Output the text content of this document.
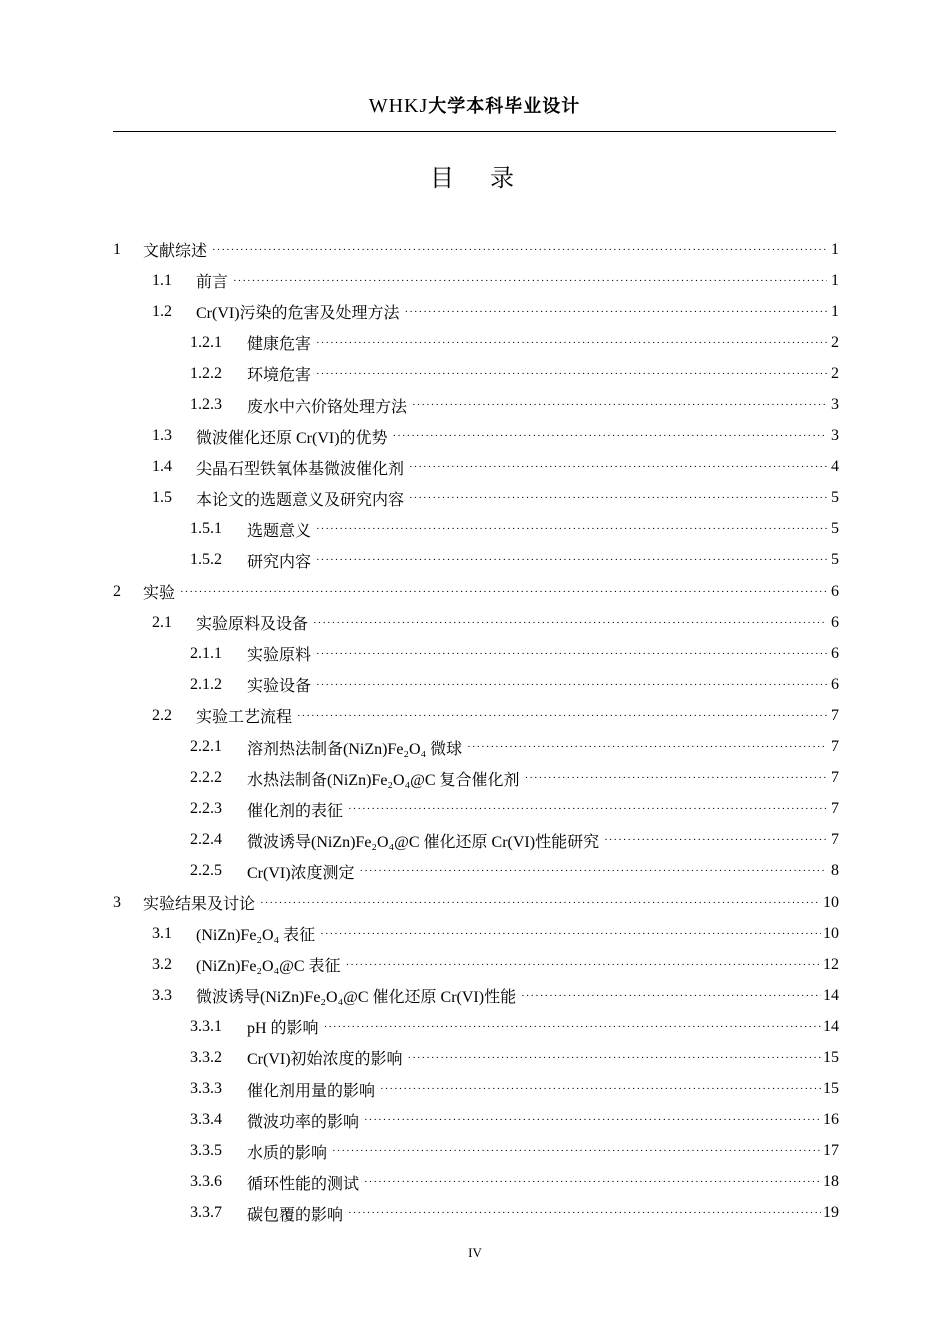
WHKJ大学本科毕业设计
目　录
1	文献综述 ·····	1
1.1	前言 ·····	1
1.2	Cr(VI)污染的危害及处理方法 ·····	1
1.2.1	健康危害 ·····	2
1.2.2	环境危害 ·····	2
1.2.3	废水中六价铬处理方法 ·····	3
1.3	微波催化还原 Cr(VI)的优势 ·····	3
1.4	尖晶石型铁氧体基微波催化剂 ·····	4
1.5	本论文的选题意义及研究内容 ·····	5
1.5.1	选题意义 ·····	5
1.5.2	研究内容 ·····	5
2	实验 ·····	6
2.1	实验原料及设备 ·····	6
2.1.1	实验原料 ·····	6
2.1.2	实验设备 ·····	6
2.2	实验工艺流程 ·····	7
2.2.1	溶剂热法制备(NiZn)Fe₂O₄ 微球 ·····	7
2.2.2	水热法制备(NiZn)Fe₂O₄@C 复合催化剂 ·····	7
2.2.3	催化剂的表征 ·····	7
2.2.4	微波诱导(NiZn)Fe₂O₄@C 催化还原 Cr(VI)性能研究 ·····	7
2.2.5	Cr(VI)浓度测定 ·····	8
3	实验结果及讨论 ·····	10
3.1	(NiZn)Fe₂O₄ 表征 ·····	10
3.2	(NiZn)Fe₂O₄@C 表征 ·····	12
3.3	微波诱导(NiZn)Fe₂O₄@C 催化还原 Cr(VI)性能 ·····	14
3.3.1	pH 的影响 ·····	14
3.3.2	Cr(VI)初始浓度的影响 ·····	15
3.3.3	催化剂用量的影响 ·····	15
3.3.4	微波功率的影响 ·····	16
3.3.5	水质的影响 ·····	17
3.3.6	循环性能的测试 ·····	18
3.3.7	碳包覆的影响 ·····	19
IV
